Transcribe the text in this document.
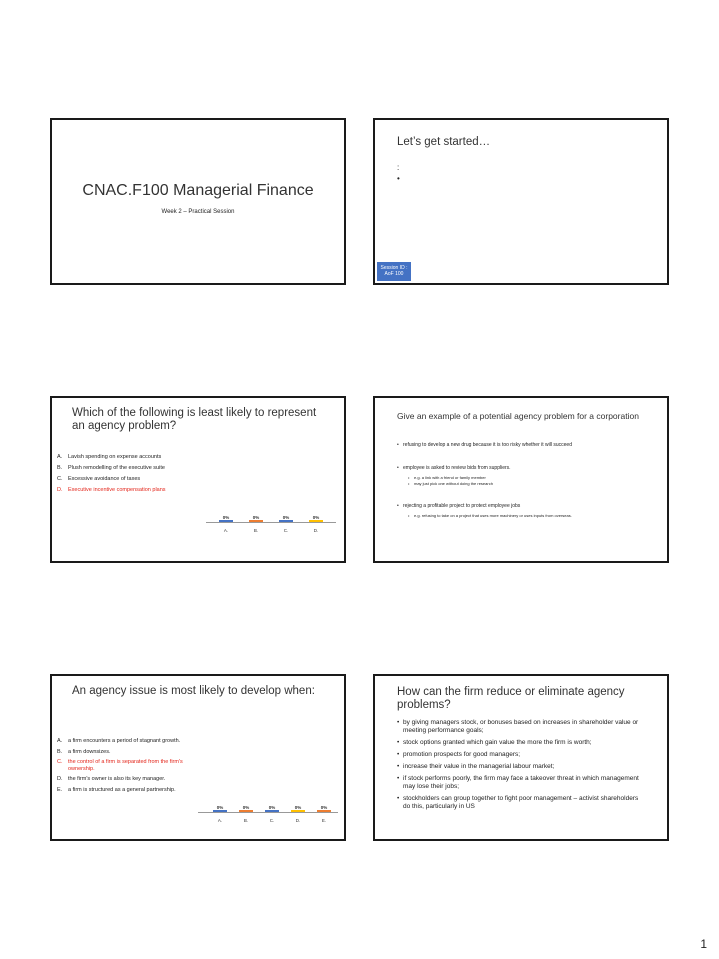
CNAC.F100 Managerial Finance
Week 2 – Practical Session
Let’s get started…
:
•
Session ID :
AoF 100
Which of the following is least likely to represent an agency problem?
A. Lavish spending on expense accounts
B. Plush remodelling of the executive suite
C. Excessive avoidance of taxes
D. Executive incentive compensation plans
0%	0%	0%	0%
A.	B.	C.	D.
Give an example of a potential agency problem for a corporation
• refusing to develop a new drug because it is too risky whether it will succeed
• employee is asked to review bids from suppliers.
• e.g. a link with a friend or family member
• may just pick one without doing the research
• rejecting a profitable project to protect employee jobs
• e.g. refusing to take on a project that uses more machinery or uses inputs from overseas.
An agency issue is most likely to develop when:
A. a firm encounters a period of stagnant growth.
B. a firm downsizes.
C. the control of a firm is separated from the firm's ownership.
D. the firm's owner is also its key manager.
E. a firm is structured as a general partnership.
0%	0%	0%	0%	0%
A.	B.	C.	D.	E.
How can the firm reduce or eliminate agency problems?
• by giving managers stock, or bonuses based on increases in shareholder value or meeting performance goals;
• stock options granted which gain value the more the firm is worth;
• promotion prospects for good managers;
• increase their value in the managerial labour market;
• if stock performs poorly, the firm may face a takeover threat in which management may lose their jobs;
• stockholders can group together to fight poor management – activist shareholders do this, particularly in US
1
